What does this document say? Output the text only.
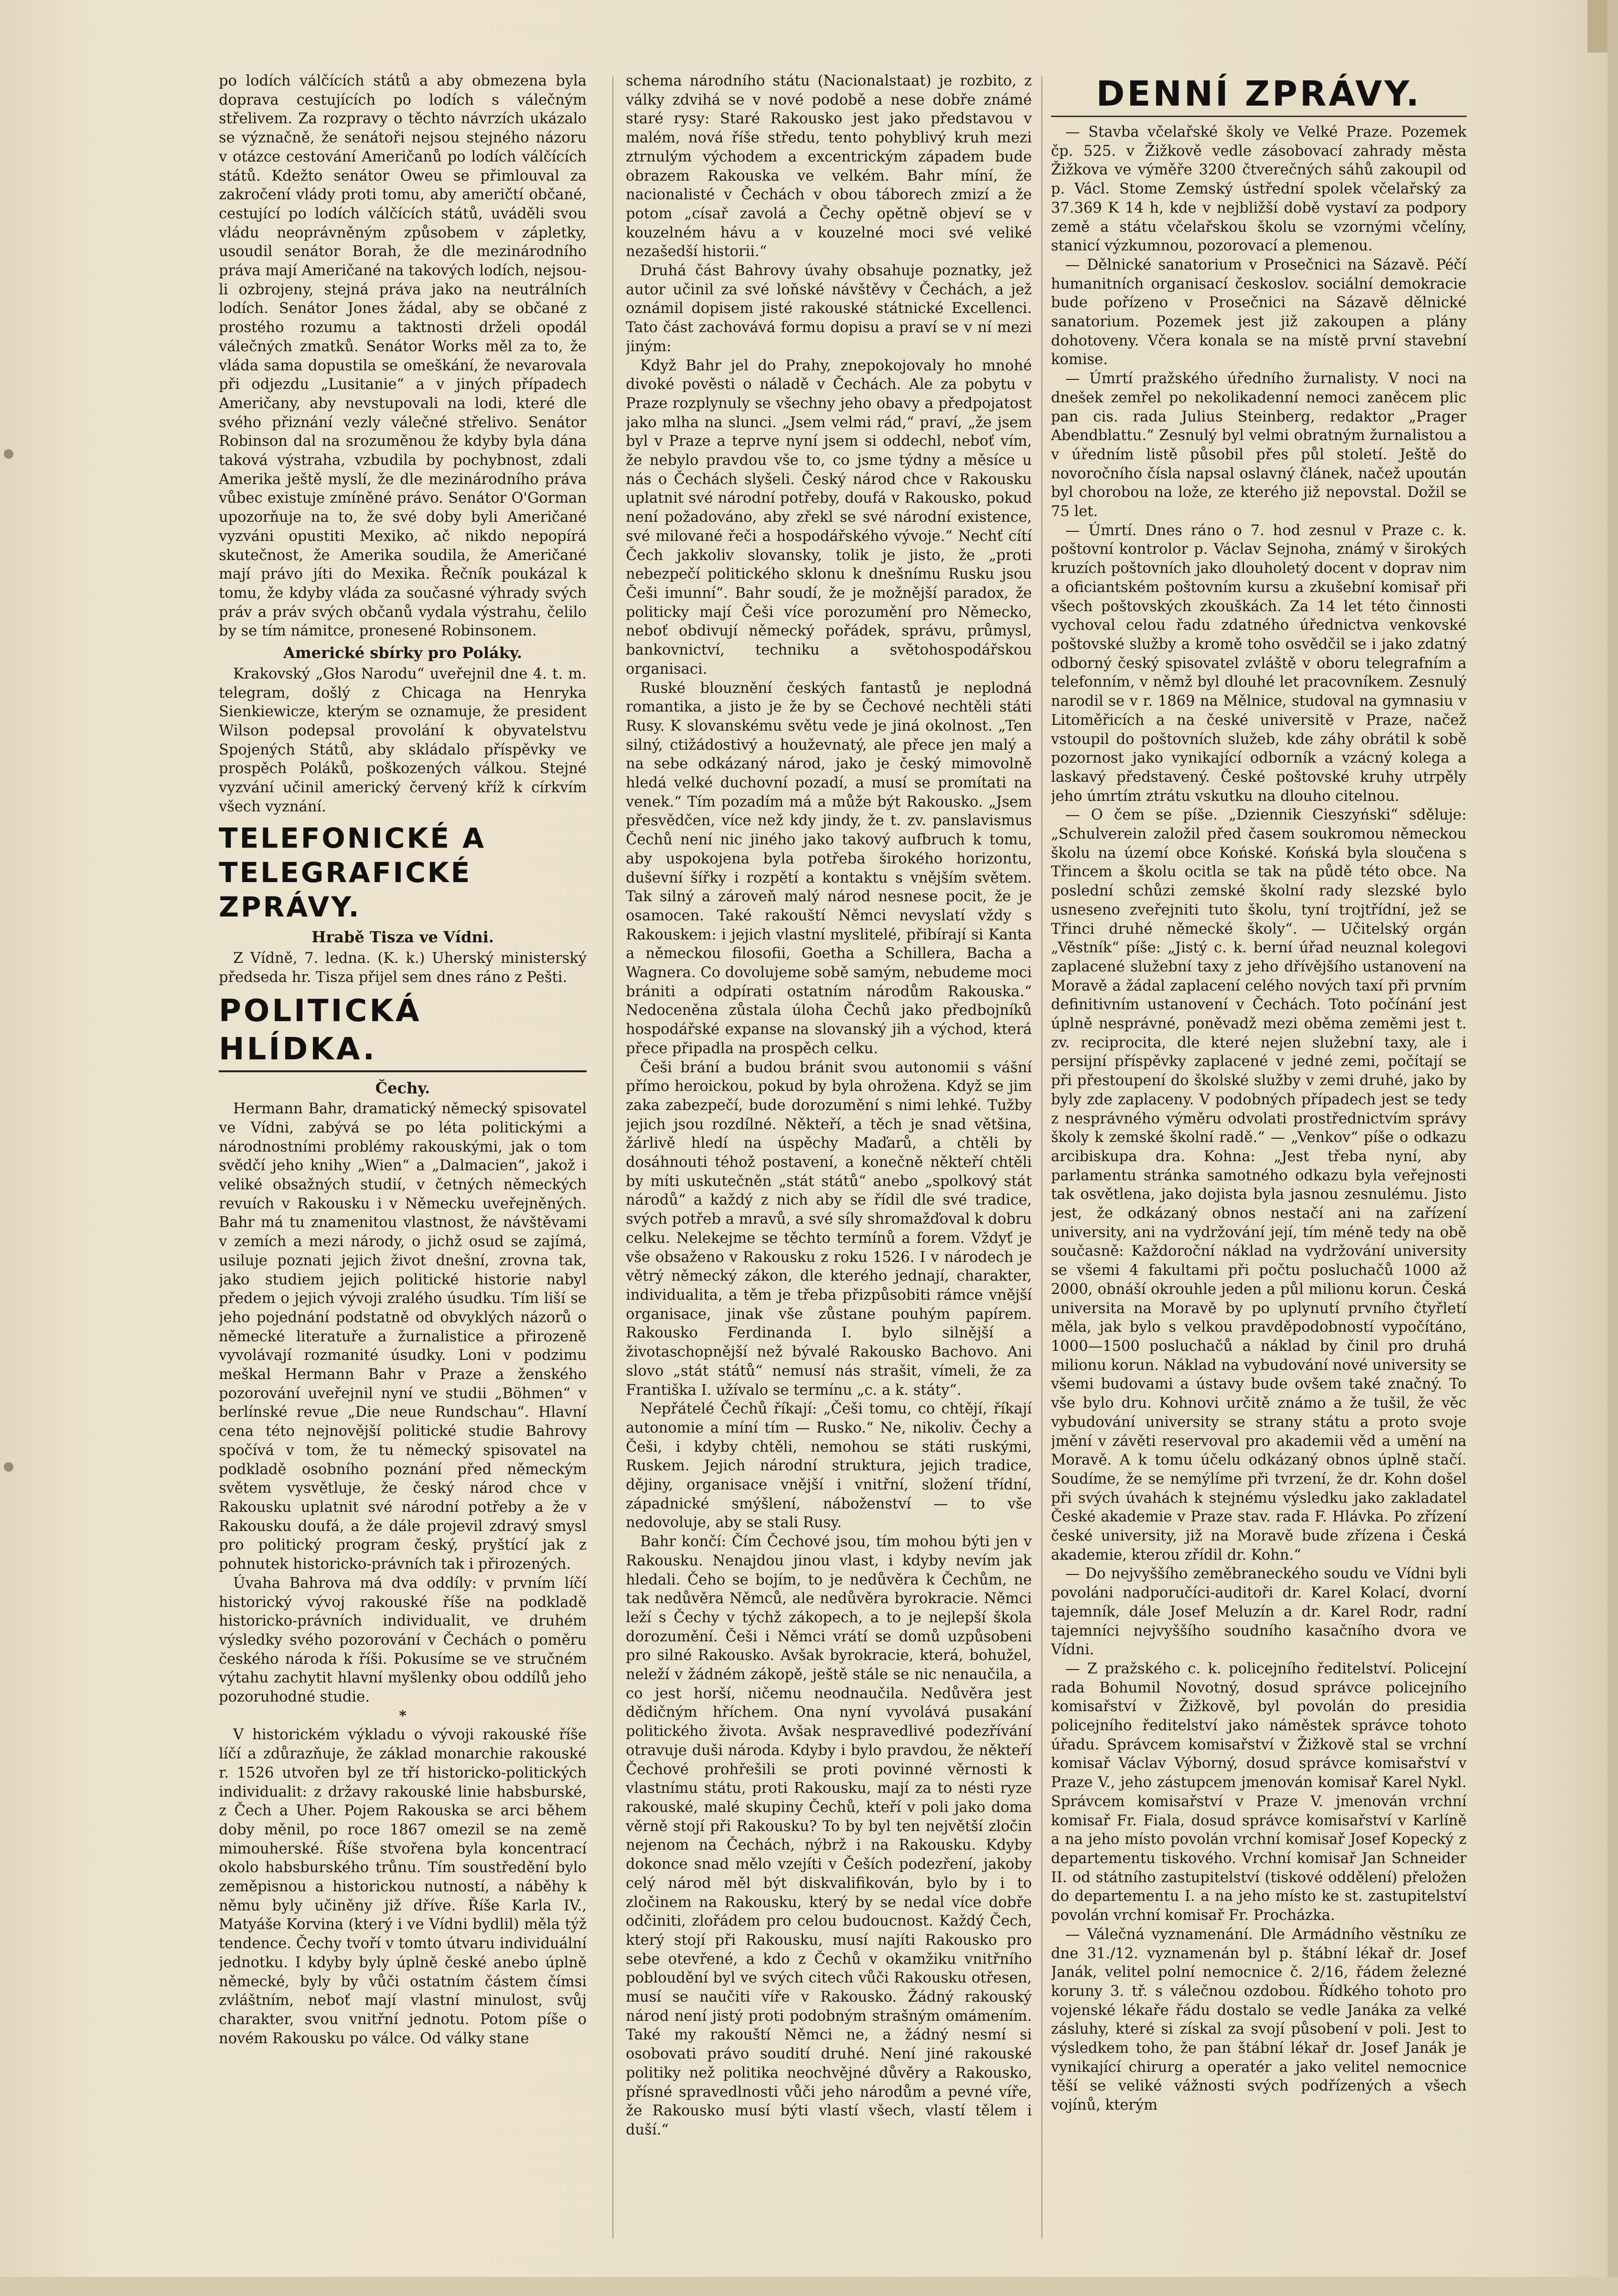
po lodích válčících států a aby obmezena byla doprava cestujících po lodích s válečným střelivem. Za rozpravy o těchto návrzích ukázalo se význačně, že senátoři nejsou stejného názoru v otázce cestování Američanů po lodích válčících států. Kdežto senátor Oweu se přimlouval za zakročení vlády proti tomu, aby američtí občané, cestující po lodích válčících států, uváděli svou vládu neoprávněným způsobem v zápletky, usoudil senátor Borah, že dle mezinárodního práva mají Američané na takových lodích, nejsou-li ozbrojeny, stejná práva jako na neutrálních lodích. Senátor Jones žádal, aby se občané z prostého rozumu a taktnosti drželi opodál válečných zmatků. Senátor Works měl za to, že vláda sama dopustila se omeškání, že nevarovala při odjezdu „Lusitanie“ a v jiných případech Američany, aby nevstupovali na lodi, které dle svého přiznání vezly válečné střelivo. Senátor Robinson dal na srozuměnou že kdyby byla dána taková výstraha, vzbudila by pochybnost, zdali Amerika ještě myslí, že dle mezinárodního práva vůbec existuje zmíněné právo. Senátor O'Gorman upozorňuje na to, že své doby byli Američané vyzváni opustiti Mexiko, ač nikdo nepopírá skutečnost, že Amerika soudila, že Američané mají právo jíti do Mexika. Řečník poukázal k tomu, že kdyby vláda za současné výhrady svých práv a práv svých občanů vydala výstrahu, čelilo by se tím námitce, pronesené Robinsonem.

Americké sbírky pro Poláky.

Krakovský „Głos Narodu“ uveřejnil dne 4. t. m. telegram, došlý z Chicaga na Henryka Sienkiewicze, kterým se oznamuje, že president Wilson podepsal provolání k obyvatelstvu Spojených Států, aby skládalo příspěvky ve prospěch Poláků, poškozených válkou. Stejné vyzvání učinil americký červený kříž k církvím všech vyznání.

TELEFONICKÉ A TELEGRAFICKÉ ZPRÁVY.

Hrabě Tisza ve Vídni.

Z Vídně, 7. ledna. (K. k.) Uherský ministerský předseda hr. Tisza přijel sem dnes ráno z Pešti.

POLITICKÁ HLÍDKA.

Čechy.

Hermann Bahr, dramatický německý spisovatel ve Vídni, zabývá se po léta politickými a národnostními problémy rakouskými, jak o tom svědčí jeho knihy „Wien“ a „Dalmacien“, jakož i veliké obsažných studií, v četných německých revuích v Rakousku i v Německu uveřejněných. Bahr má tu znamenitou vlastnost, že návštěvami v zemích a mezi národy, o jichž osud se zajímá, usiluje poznati jejich život dnešní, zrovna tak, jako studiem jejich politické historie nabyl předem o jejich vývoji zralého úsudku. Tím liší se jeho pojednání podstatně od obvyklých názorů o německé literatuře a žurnalistice a přirozeně vyvolávají rozmanité úsudky. Loni v podzimu meškal Hermann Bahr v Praze a ženského pozorování uveřejnil nyní ve studii „Böhmen“ v berlínské revue „Die neue Rundschau“. Hlavní cena této nejnovější politické studie Bahrovy spočívá v tom, že tu německý spisovatel na podkladě osobního poznání před německým světem vysvětluje, že český národ chce v Rakousku uplatnit své národní potřeby a že v Rakousku doufá, a že dále projevil zdravý smysl pro politický program český, pryštící jak z pohnutek historicko-právních tak i přirozených.

Úvaha Bahrova má dva oddíly: v prvním líčí historický vývoj rakouské říše na podkladě historicko-právních individualit, ve druhém výsledky svého pozorování v Čechách o poměru českého národa k říši. Pokusíme se ve stručném výtahu zachytit hlavní myšlenky obou oddílů jeho pozoruhodné studie.

*

V historickém výkladu o vývoji rakouské říše líčí a zdůrazňuje, že základ monarchie rakouské r. 1526 utvořen byl ze tří historicko-politických individualit: z državy rakouské linie habsburské, z Čech a Uher. Pojem Rakouska se arci během doby měnil, po roce 1867 omezil se na země mimouherské. Říše stvořena byla koncentrací okolo habsburského trůnu. Tím soustředění bylo zeměpisnou a historickou nutností, a náběhy k němu byly učiněny již dříve. Říše Karla IV., Matyáše Korvina (který i ve Vídni bydlil) měla týž tendence. Čechy tvoří v tomto útvaru individuální jednotku. I kdyby byly úplně české anebo úplně německé, byly by vůči ostatním částem čímsi zvláštním, neboť mají vlastní minulost, svůj charakter, svou vnitřní jednotu. Potom píše o novém Rakousku po válce. Od války stane

schema národního státu (Nacionalstaat) je rozbito, z války zdvihá se v nové podobě a nese dobře známé staré rysy: Staré Rakousko jest jako představou v malém, nová říše středu, tento pohyblivý kruh mezi ztrnulým východem a excentrickým západem bude obrazem Rakouska ve velkém. Bahr míní, že nacionalisté v Čechách v obou táborech zmizí a že potom „císař zavolá a Čechy opětně objeví se v kouzelném hávu a v kouzelné moci své veliké nezašedší historii.“

Druhá část Bahrovy úvahy obsahuje poznatky, jež autor učinil za své loňské návštěvy v Čechách, a jež oznámil dopisem jisté rakouské státnické Excellenci. Tato část zachovává formu dopisu a praví se v ní mezi jiným:

Když Bahr jel do Prahy, znepokojovaly ho mnohé divoké pověsti o náladě v Čechách. Ale za pobytu v Praze rozplynuly se všechny jeho obavy a předpojatost jako mlha na slunci. „Jsem velmi rád,“ praví, „že jsem byl v Praze a teprve nyní jsem si oddechl, neboť vím, že nebylo pravdou vše to, co jsme týdny a měsíce u nás o Čechách slyšeli. Český národ chce v Rakousku uplatnit své národní potřeby, doufá v Rakousko, pokud není požadováno, aby zřekl se své národní existence, své milované řeči a hospodářského vývoje.“ Nechť cítí Čech jakkoliv slovansky, tolik je jisto, že „proti nebezpečí politického sklonu k dnešnímu Rusku jsou Češi imunní“. Bahr soudí, že je možnější paradox, že politicky mají Češi více porozumění pro Německo, neboť obdivují německý pořádek, správu, průmysl, bankovnictví, techniku a světohospodářskou organisaci.

Ruské blouznění českých fantastů je neplodná romantika, a jisto je že by se Čechové nechtěli státi Rusy. K slovanskému světu vede je jiná okolnost. „Ten silný, ctižádostivý a houževnatý, ale přece jen malý a na sebe odkázaný národ, jako je český mimovolně hledá velké duchovní pozadí, a musí se promítati na venek.“ Tím pozadím má a může být Rakousko. „Jsem přesvědčen, více než kdy jindy, že t. zv. panslavismus Čechů není nic jiného jako takový aufbruch k tomu, aby uspokojena byla potřeba širokého horizontu, duševní šířky i rozpětí a kontaktu s vnějším světem. Tak silný a zároveň malý národ nesnese pocit, že je osamocen. Také rakouští Němci nevyslatí vždy s Rakouskem: i jejich vlastní myslitelé, přibírají si Kanta a německou filosofii, Goetha a Schillera, Bacha a Wagnera. Co dovolujeme sobě samým, nebudeme moci brániti a odpírati ostatním národům Rakouska.“ Nedoceněna zůstala úloha Čechů jako předbojníků hospodářské expanse na slovanský jih a východ, která přece připadla na prospěch celku.

Češi brání a budou bránit svou autonomii s vášní přímo heroickou, pokud by byla ohrožena. Když se jim zaka zabezpečí, bude dorozumění s nimi lehké. Tužby jejich jsou rozdílné. Někteří, a těch je snad většina, žárlivě hledí na úspěchy Maďarů, a chtěli by dosáhnouti téhož postavení, a konečně někteří chtěli by míti uskutečněn „stát států“ anebo „spolkový stát národů“ a každý z nich aby se řídil dle své tradice, svých potřeb a mravů, a své síly shromažďoval k dobru celku. Nelekejme se těchto termínů a forem. Vždyť je vše obsaženo v Rakousku z roku 1526. I v národech je větrý německý zákon, dle kterého jednají, charakter, individualita, a těm je třeba přizpůsobiti rámce vnější organisace, jinak vše zůstane pouhým papírem. Rakousko Ferdinanda I. bylo silnější a životaschopnější než bývalé Rakousko Bachovo. Ani slovo „stát států“ nemusí nás strašit, vímeli, že za Františka I. užívalo se termínu „c. a k. státy“.

Nepřátelé Čechů říkají: „Češi tomu, co chtějí, říkají autonomie a míní tím — Rusko.“ Ne, nikoliv. Čechy a Češi, i kdyby chtěli, nemohou se státi ruskými, Ruskem. Jejich národní struktura, jejich tradice, dějiny, organisace vnější i vnitřní, složení třídní, západnické smýšlení, náboženství — to vše nedovoluje, aby se stali Rusy.

Bahr končí: Čím Čechové jsou, tím mohou býti jen v Rakousku. Nenajdou jinou vlast, i kdyby nevím jak hledali. Čeho se bojím, to je nedůvěra k Čechům, ne tak nedůvěra Němců, ale nedůvěra byrokracie. Němci leží s Čechy v týchž zákopech, a to je nejlepší škola dorozumění. Češi i Němci vrátí se domů uzpůsobeni pro silné Rakousko. Avšak byrokracie, která, bohužel, neleží v žádném zákopě, ještě stále se nic nenaučila, a co jest horší, ničemu neodnaučila. Nedůvěra jest dědičným hříchem. Ona nyní vyvolává pusakání politického života. Avšak nespravedlivé podezřívání otravuje duši národa. Kdyby i bylo pravdou, že někteří Čechové prohřešili se proti povinné věrnosti k vlastnímu státu, proti Rakousku, mají za to nésti ryze rakouské, malé skupiny Čechů, kteří v poli jako doma věrně stojí při Rakousku? To by byl ten největší zločin nejenom na Čechách, nýbrž i na Rakousku. Kdyby dokonce snad mělo vzejíti v Češích podezření, jakoby celý národ měl být diskvalifikován, bylo by i to zločinem na Rakousku, který by se nedal více dobře odčiniti, zlořádem pro celou budoucnost. Každý Čech, který stojí při Rakousku, musí najíti Rakousko pro sebe otevřené, a kdo z Čechů v okamžiku vnitřního pobloudění byl ve svých citech vůči Rakousku otřesen, musí se naučiti víře v Rakousko. Žádný rakouský národ není jistý proti podobným strašným omámením. Také my rakouští Němci ne, a žádný nesmí si osobovati právo soudití druhé. Není jiné rakouské politiky než politika neochvějné důvěry a Rakousko, přísné spravedlnosti vůči jeho národům a pevné víře, že Rakousko musí býti vlastí všech, vlastí tělem i duší.“

DENNÍ ZPRÁVY.

— Stavba včelařské školy ve Velké Praze. Pozemek čp. 525. v Žižkově vedle zásobovací zahrady města Žižkova ve výměře 3200 čtverečných sáhů zakoupil od p. Václ. Stome Zemský ústřední spolek včelařský za 37.369 K 14 h, kde v nejbližší době vystaví za podpory země a státu včelařskou školu se vzornými včelíny, stanicí výzkumnou, pozorovací a plemenou.

— Dělnické sanatorium v Prosečnici na Sázavě. Péčí humanitních organisací českoslov. sociální demokracie bude pořízeno v Prosečnici na Sázavě dělnické sanatorium. Pozemek jest již zakoupen a plány dohotoveny. Včera konala se na místě první stavební komise.

— Úmrtí pražského úředního žurnalisty. V noci na dnešek zemřel po nekolikadenní nemoci zaněcem plic pan cis. rada Julius Steinberg, redaktor „Prager Abendblattu.“ Zesnulý byl velmi obratným žurnalistou a v úředním listě působil přes půl století. Ještě do novoročního čísla napsal oslavný článek, načež upoután byl chorobou na lože, ze kterého již nepovstal. Dožil se 75 let.

— Úmrtí. Dnes ráno o 7. hod zesnul v Praze c. k. poštovní kontrolor p. Václav Sejnoha, známý v širokých kruzích poštovních jako dlouholetý docent v doprav nim a oficiantském poštovním kursu a zkušební komisař při všech poštovských zkouškách. Za 14 let této činnosti vychoval celou řadu zdatného úřednictva venkovské poštovské služby a kromě toho osvědčil se i jako zdatný odborný český spisovatel zvláště v oboru telegrafním a telefonním, v němž byl dlouhé let pracovníkem. Zesnulý narodil se v r. 1869 na Mělnice, studoval na gymnasiu v Litoměřicích a na české universitě v Praze, načež vstoupil do poštovních služeb, kde záhy obrátil k sobě pozornost jako vynikající odborník a vzácný kolega a laskavý představený. České poštovské kruhy utrpěly jeho úmrtím ztrátu vskutku na dlouho citelnou.

— O čem se píše. „Dziennik Cieszyński“ sděluje: „Schulverein založil před časem soukromou německou školu na území obce Końské. Końská byla sloučena s Třincem a školu ocitla se tak na půdě této obce. Na poslední schůzi zemské školní rady slezské bylo usneseno zveřejniti tuto školu, tyní trojtřídní, jež se Třinci druhé německé školy“. — Učitelský orgán „Věstník“ píše: „Jistý c. k. berní úřad neuznal kolegovi zaplacené služební taxy z jeho dřívějšího ustanovení na Moravě a žádal zaplacení celého nových taxí při prvním definitivním ustanovení v Čechách. Toto počínání jest úplně nesprávné, poněvadž mezi oběma zeměmi jest t. zv. reciprocita, dle které nejen služební taxy, ale i persijní příspěvky zaplacené v jedné zemi, počítají se při přestoupení do školské služby v zemi druhé, jako by byly zde zaplaceny. V podobných případech jest se tedy z nesprávného výměru odvolati prostřednictvím správy školy k zemské školní radě.“ — „Venkov“ píše o odkazu arcibiskupa dra. Kohna: „Jest třeba nyní, aby parlamentu stránka samotného odkazu byla veřejnosti tak osvětlena, jako dojista byla jasnou zesnulému. Jisto jest, že odkázaný obnos nestačí ani na zařízení university, ani na vydržování její, tím méně tedy na obě současně: Každoroční náklad na vydržování university se všemi 4 fakultami při počtu posluchačů 1000 až 2000, obnáší okrouhle jeden a půl milionu korun. Česká universita na Moravě by po uplynutí prvního čtyřletí měla, jak bylo s velkou pravděpodobností vypočítáno, 1000—1500 posluchačů a náklad by činil pro druhá milionu korun. Náklad na vybudování nové university se všemi budovami a ústavy bude ovšem také značný. To vše bylo dru. Kohnovi určitě známo a že tušil, že věc vybudování university se strany státu a proto svoje jmění v závěti reservoval pro akademii věd a umění na Moravě. A k tomu účelu odkázaný obnos úplně stačí. Soudíme, že se nemýlíme při tvrzení, že dr. Kohn došel při svých úvahách k stejnému výsledku jako zakladatel České akademie v Praze stav. rada F. Hlávka. Po zřízení české university, již na Moravě bude zřízena i Česká akademie, kterou zřídil dr. Kohn.“

— Do nejvyššího zeměbraneckého soudu ve Vídni byli povoláni nadporučíci-auditoři dr. Karel Kolací, dvorní tajemník, dále Josef Meluzín a dr. Karel Rodr, radní tajemníci nejvyššího soudního kasačního dvora ve Vídni.

— Z pražského c. k. policejního ředitelství. Policejní rada Bohumil Novotný, dosud správce policejního komisařství v Žižkově, byl povolán do presidia policejního ředitelství jako náměstek správce tohoto úřadu. Správcem komisařství v Žižkově stal se vrchní komisař Václav Výborný, dosud správce komisařství v Praze V., jeho zástupcem jmenován komisař Karel Nykl. Správcem komisařství v Praze V. jmenován vrchní komisař Fr. Fiala, dosud správce komisařství v Karlíně a na jeho místo povolán vrchní komisař Josef Kopecký z departementu tiskového. Vrchní komisař Jan Schneider II. od státního zastupitelství (tiskové oddělení) přeložen do departementu I. a na jeho místo ke st. zastupitelství povolán vrchní komisař Fr. Procházka.

— Válečná vyznamenání. Dle Armádního věstníku ze dne 31./12. vyznamenán byl p. štábní lékař dr. Josef Janák, velitel polní nemocnice č. 2/16, řádem železné koruny 3. tř. s válečnou ozdobou. Řídkého tohoto pro vojenské lékaře řádu dostalo se vedle Janáka za velké zásluhy, které si získal za svojí působení v poli. Jest to výsledkem toho, že pan štábní lékař dr. Josef Janák je vynikající chirurg a operatér a jako velitel nemocnice těší se veliké vážnosti svých podřízených a všech vojínů, kterým
